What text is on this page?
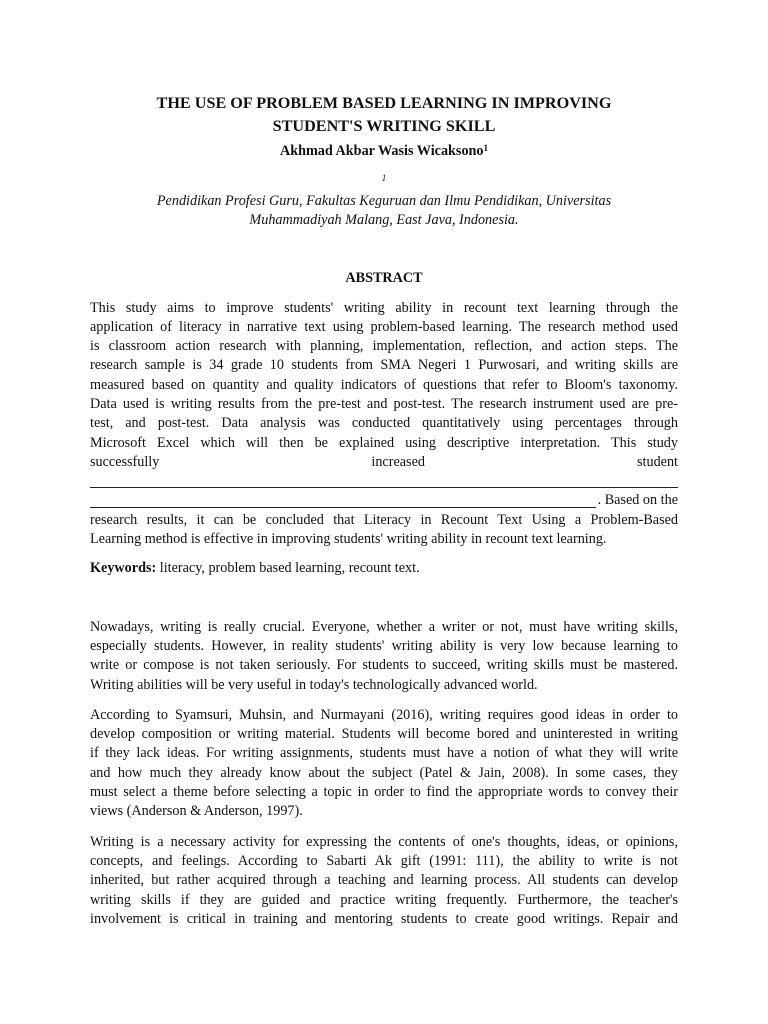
THE USE OF PROBLEM BASED LEARNING IN IMPROVING
STUDENT'S WRITING SKILL

Akhmad Akbar Wasis Wicaksono$^1$

$^1$
Pendidikan Profesi Guru, Fakultas Keguruan dan Ilmu Pendidikan, Universitas
Muhammadiyah Malang, East Java, Indonesia.

ABSTRACT

This study aims to improve students' writing ability in recount text learning through the
application of literacy in narrative text using problem-based learning. The research method used
is classroom action research with planning, implementation, reflection, and action steps. The
research sample is 34 grade 10 students from SMA Negeri 1 Purwosari, and writing skills are
measured based on quantity and quality indicators of questions that refer to Bloom's taxonomy.
Data used is writing results from the pre-test and post-test. The research instrument used are pre-
test, and post-test. Data analysis was conducted quantitatively using percentages through
Microsoft Excel which will then be explained using descriptive interpretation. This study
successfully increased student
. Based on the
research results, it can be concluded that Literacy in Recount Text Using a Problem-Based
Learning method is effective in improving students' writing ability in recount text learning.

Keywords: literacy, problem based learning, recount text.

Nowadays, writing is really crucial. Everyone, whether a writer or not, must have writing skills,
especially students. However, in reality students' writing ability is very low because learning to
write or compose is not taken seriously. For students to succeed, writing skills must be mastered.
Writing abilities will be very useful in today's technologically advanced world.
According to Syamsuri, Muhsin, and Nurmayani (2016), writing requires good ideas in order to
develop composition or writing material. Students will become bored and uninterested in writing
if they lack ideas. For writing assignments, students must have a notion of what they will write
and how much they already know about the subject (Patel & Jain, 2008). In some cases, they
must select a theme before selecting a topic in order to find the appropriate words to convey their
views (Anderson & Anderson, 1997).
Writing is a necessary activity for expressing the contents of one's thoughts, ideas, or opinions,
concepts, and feelings. According to Sabarti Ak gift (1991: 111), the ability to write is not
inherited, but rather acquired through a teaching and learning process. All students can develop
writing skills if they are guided and practice writing frequently. Furthermore, the teacher's
involvement is critical in training and mentoring students to create good writings. Repair and
